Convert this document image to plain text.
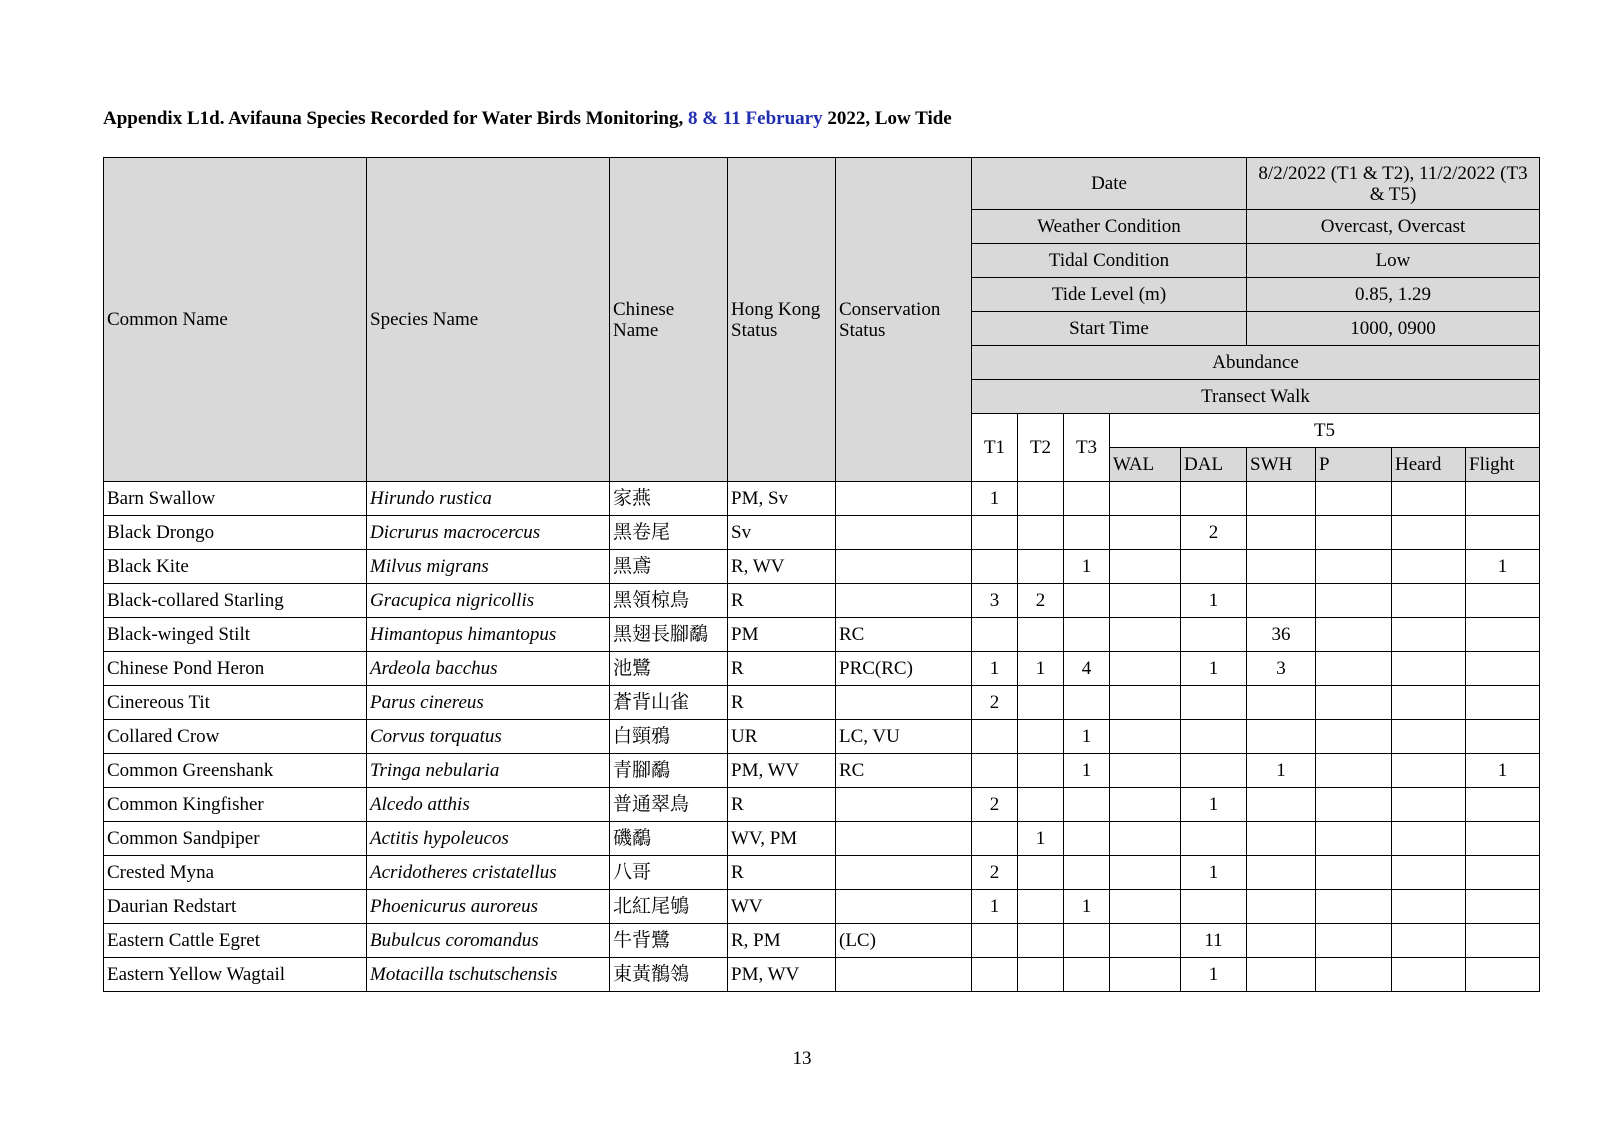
Appendix L1d. Avifauna Species Recorded for Water Birds Monitoring, 8 & 11 February 2022, Low Tide
Common Name	Species Name	Chinese Name	Hong Kong Status	Conservation Status	Date					8/2/2022 (T1 & T2), 11/2/2022 (T3 & T5)			
					Weather Condition					Overcast, Overcast			
					Tidal Condition					Low			
					Tide Level (m)					0.85, 1.29			
					Start Time					1000, 0900			
					Abundance								
					Transect Walk								
					T1	T2	T3	T5					
								WAL	DAL	SWH	P	Heard	Flight
Barn Swallow	Hirundo rustica	家燕	PM, Sv		1								
Black Drongo	Dicrurus macrocercus	黑卷尾	Sv						2				
Black Kite	Milvus migrans	黑鳶	R, WV				1						1
Black-collared Starling	Gracupica nigricollis	黑領椋鳥	R		3	2			1				
Black-winged Stilt	Himantopus himantopus	黑翅長腳鷸	PM	RC						36			
Chinese Pond Heron	Ardeola bacchus	池鷺	R	PRC(RC)	1	1	4		1	3			
Cinereous Tit	Parus cinereus	蒼背山雀	R		2								
Collared Crow	Corvus torquatus	白頸鴉	UR	LC, VU			1						
Common Greenshank	Tringa nebularia	青腳鷸	PM, WV	RC			1			1			1
Common Kingfisher	Alcedo atthis	普通翠鳥	R		2				1				
Common Sandpiper	Actitis hypoleucos	磯鷸	WV, PM			1							
Crested Myna	Acridotheres cristatellus	八哥	R		2				1				
Daurian Redstart	Phoenicurus auroreus	北紅尾鴝	WV		1		1						
Eastern Cattle Egret	Bubulcus coromandus	牛背鷺	R, PM	(LC)					11				
Eastern Yellow Wagtail	Motacilla tschutschensis	東黃鶺鴒	PM, WV						1				
13
